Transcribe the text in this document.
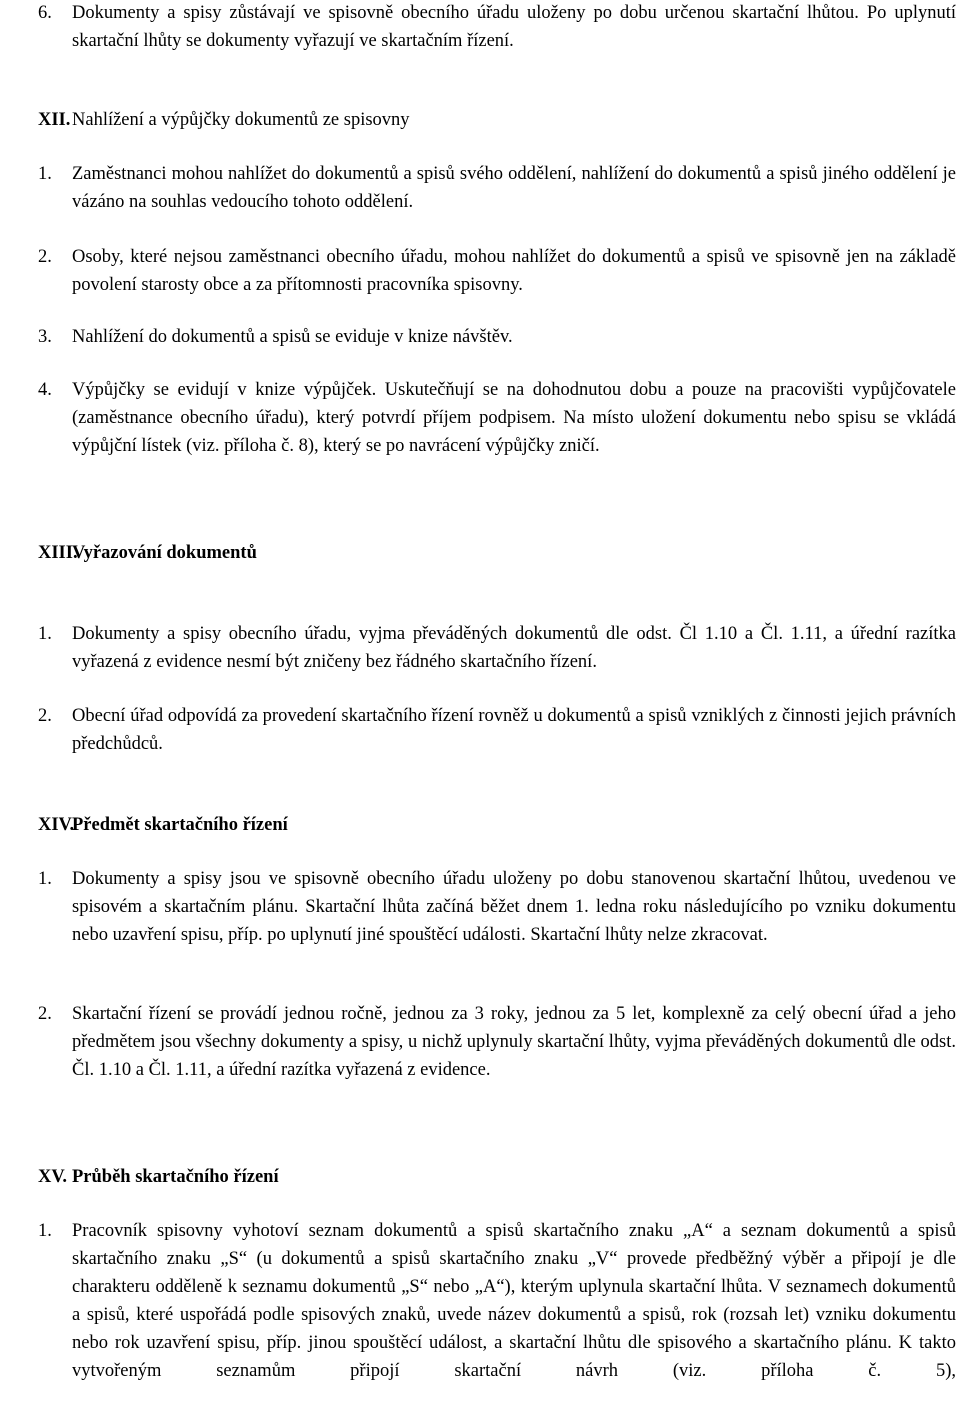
6.	Dokumenty a spisy zůstávají ve spisovně obecního úřadu uloženy po dobu určenou skartační lhůtou. Po uplynutí skartační lhůty se dokumenty vyřazují ve skartačním řízení.
XII. Nahlížení a výpůjčky dokumentů ze spisovny
1.	Zaměstnanci mohou nahlížet do dokumentů a spisů svého oddělení, nahlížení do dokumentů a spisů jiného oddělení je vázáno na souhlas vedoucího tohoto oddělení.
2.	Osoby, které nejsou zaměstnanci obecního úřadu, mohou nahlížet do dokumentů a spisů ve spisovně jen na základě povolení starosty obce a za přítomnosti pracovníka spisovny.
3.	Nahlížení do dokumentů a spisů se eviduje v knize návštěv.
4.	Výpůjčky se evidují v knize výpůjček. Uskutečňují se na dohodnutou dobu a pouze na pracovišti vypůjčovatele (zaměstnance obecního úřadu), který potvrdí příjem podpisem. Na místo uložení dokumentu nebo spisu se vkládá výpůjční lístek (viz. příloha č. 8), který se po navrácení výpůjčky zničí.
XIII.
Vyřazování dokumentů
1.	Dokumenty a spisy obecního úřadu, vyjma převáděných dokumentů dle odst. Čl 1.10 a Čl. 1.11, a úřední razítka vyřazená z evidence nesmí být zničeny bez řádného skartačního řízení.
2.	Obecní úřad odpovídá za provedení skartačního řízení rovněž u dokumentů a spisů vzniklých z činnosti jejich právních předchůdců.
XIV.
Předmět skartačního řízení
1.	Dokumenty a spisy jsou ve spisovně obecního úřadu uloženy po dobu stanovenou skartační lhůtou, uvedenou ve spisovém a skartačním plánu. Skartační lhůta začíná běžet dnem 1. ledna roku následujícího po vzniku dokumentu nebo uzavření spisu, příp. po uplynutí jiné spouštěcí události. Skartační lhůty nelze zkracovat.
2.	Skartační řízení se provádí jednou ročně, jednou za 3 roky, jednou za 5 let, komplexně za celý obecní úřad a jeho předmětem jsou všechny dokumenty a spisy, u nichž uplynuly skartační lhůty, vyjma převáděných dokumentů dle odst. Čl. 1.10 a Čl. 1.11, a úřední razítka vyřazená z evidence.
XV. Průběh skartačního řízení
1.	Pracovník spisovny vyhotoví seznam dokumentů a spisů skartačního znaku „A“ a seznam dokumentů a spisů skartačního znaku „S“ (u dokumentů a spisů skartačního znaku „V“ provede předběžný výběr a připojí je dle charakteru odděleně k seznamu dokumentů „S“ nebo „A“), kterým uplynula skartační lhůta. V seznamech dokumentů a spisů, které uspořádá podle spisových znaků, uvede název dokumentů a spisů, rok (rozsah let) vzniku dokumentu nebo rok uzavření spisu, příp. jinou spouštěcí událost, a skartační lhůtu dle spisového a skartačního plánu. K takto vytvořeným seznamům připojí skartační návrh (viz. příloha č. 5),
